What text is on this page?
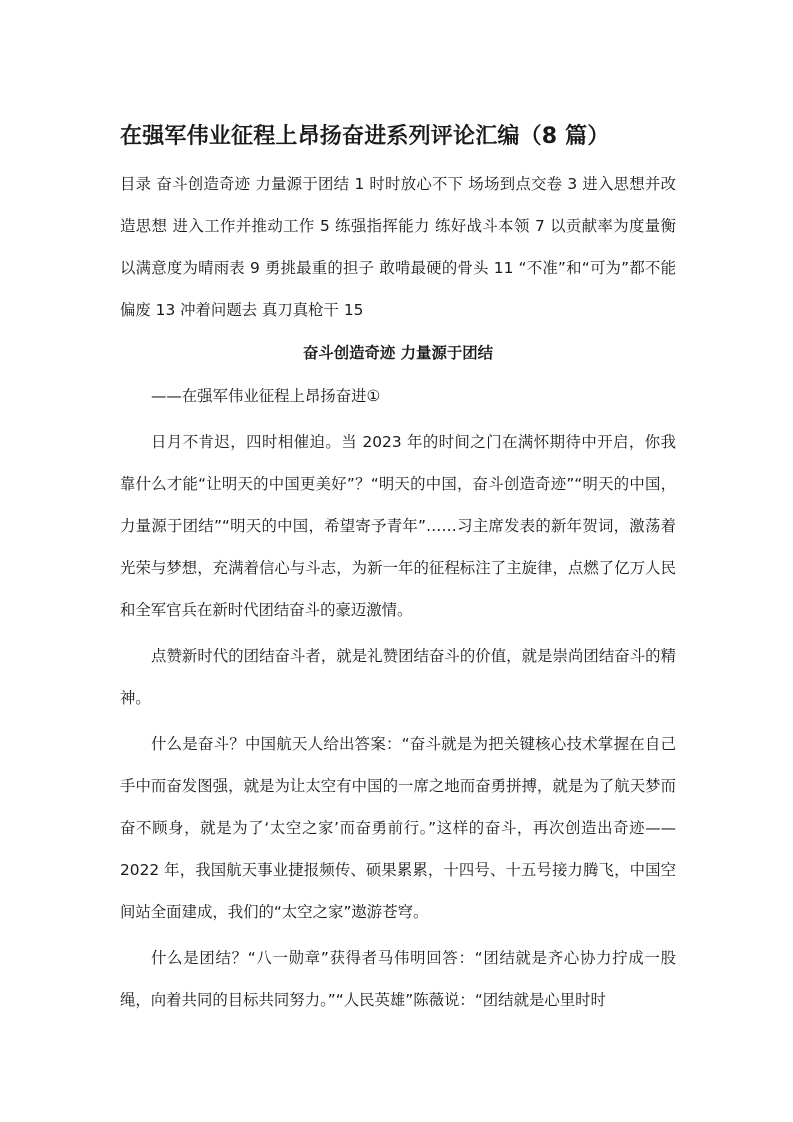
在强军伟业征程上昂扬奋进系列评论汇编（8 篇）

目录 奋斗创造奇迹 力量源于团结 1 时时放心不下 场场到点交卷 3 进入思想并改造思想 进入工作并推动工作 5 练强指挥能力 练好战斗本领 7 以贡献率为度量衡 以满意度为晴雨表 9 勇挑最重的担子 敢啃最硬的骨头 11 “不准”和“可为”都不能偏废 13 冲着问题去 真刀真枪干 15

奋斗创造奇迹 力量源于团结

——在强军伟业征程上昂扬奋进①

日月不肯迟，四时相催迫。当 2023 年的时间之门在满怀期待中开启，你我靠什么才能“让明天的中国更美好”？“明天的中国，奋斗创造奇迹”“明天的中国，力量源于团结”“明天的中国，希望寄予青年”……习主席发表的新年贺词，激荡着光荣与梦想，充满着信心与斗志，为新一年的征程标注了主旋律，点燃了亿万人民和全军官兵在新时代团结奋斗的豪迈激情。

点赞新时代的团结奋斗者，就是礼赞团结奋斗的价值，就是崇尚团结奋斗的精神。

什么是奋斗？中国航天人给出答案：“奋斗就是为把关键核心技术掌握在自己手中而奋发图强，就是为让太空有中国的一席之地而奋勇拼搏，就是为了航天梦而奋不顾身，就是为了‘太空之家’而奋勇前行。”这样的奋斗，再次创造出奇迹——2022 年，我国航天事业捷报频传、硕果累累，十四号、十五号接力腾飞，中国空间站全面建成，我们的“太空之家”遨游苍穹。

什么是团结？“八一勋章”获得者马伟明回答：“团结就是齐心协力拧成一股绳，向着共同的目标共同努力。”“人民英雄”陈薇说：“团结就是心里时时
